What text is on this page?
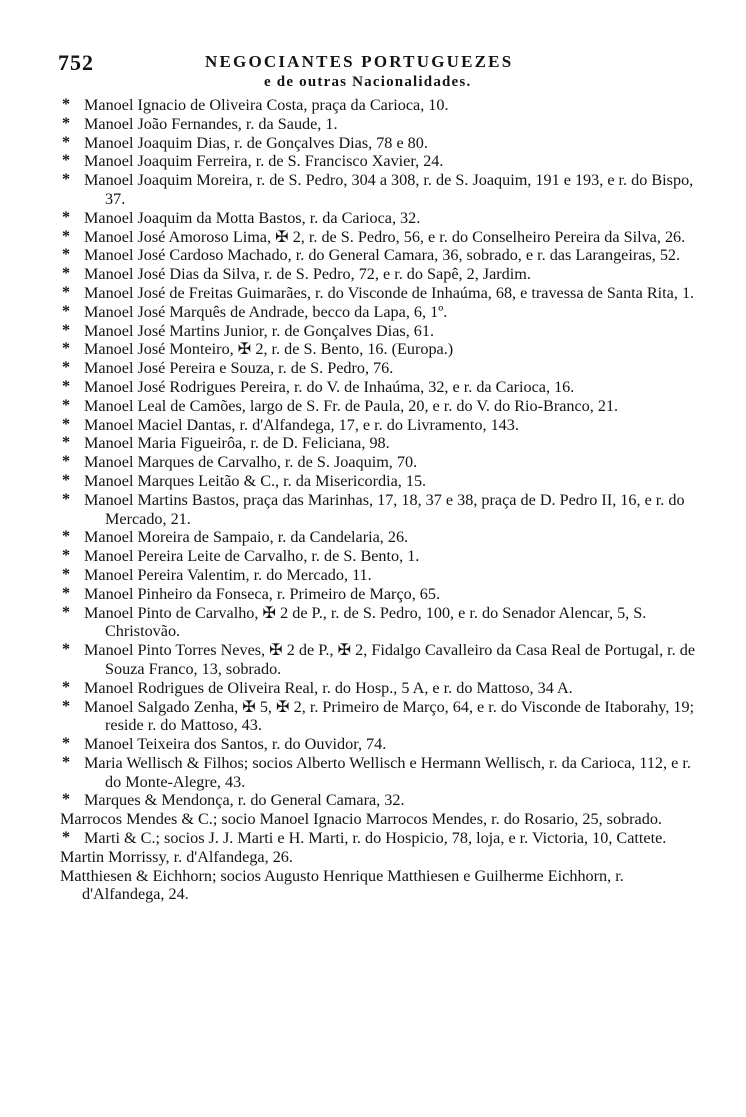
752	NEGOCIANTES PORTUGUEZES
e de outras Nacionalidades.
* Manoel Ignacio de Oliveira Costa, praça da Carioca, 10.
* Manoel João Fernandes, r. da Saude, 1.
* Manoel Joaquim Dias, r. de Gonçalves Dias, 78 e 80.
* Manoel Joaquim Ferreira, r. de S. Francisco Xavier, 24.
* Manoel Joaquim Moreira, r. de S. Pedro, 304 a 308, r. de S. Joaquim, 191 e 193, e r. do Bispo, 37.
* Manoel Joaquim da Motta Bastos, r. da Carioca, 32.
* Manoel José Amoroso Lima, ✠ 2, r. de S. Pedro, 56, e r. do Conselheiro Pereira da Silva, 26.
* Manoel José Cardoso Machado, r. do General Camara, 36, sobrado, e r. das Larangeiras, 52.
* Manoel José Dias da Silva, r. de S. Pedro, 72, e r. do Sapê, 2, Jardim.
* Manoel José de Freitas Guimarães, r. do Visconde de Inhaúma, 68, e travessa de Santa Rita, 1.
* Manoel José Marquês de Andrade, becco da Lapa, 6, 1º.
* Manoel José Martins Junior, r. de Gonçalves Dias, 61.
* Manoel José Monteiro, ✠ 2, r. de S. Bento, 16. (Europa.)
* Manoel José Pereira e Souza, r. de S. Pedro, 76.
* Manoel José Rodrigues Pereira, r. do V. de Inhaúma, 32, e r. da Carioca, 16.
* Manoel Leal de Camões, largo de S. Fr. de Paula, 20, e r. do V. do Rio-Branco, 21.
* Manoel Maciel Dantas, r. d'Alfandega, 17, e r. do Livramento, 143.
* Manoel Maria Figueirôa, r. de D. Feliciana, 98.
* Manoel Marques de Carvalho, r. de S. Joaquim, 70.
* Manoel Marques Leitão & C., r. da Misericordia, 15.
* Manoel Martins Bastos, praça das Marinhas, 17, 18, 37 e 38, praça de D. Pedro II, 16, e r. do Mercado, 21.
* Manoel Moreira de Sampaio, r. da Candelaria, 26.
* Manoel Pereira Leite de Carvalho, r. de S. Bento, 1.
* Manoel Pereira Valentim, r. do Mercado, 11.
* Manoel Pinheiro da Fonseca, r. Primeiro de Março, 65.
* Manoel Pinto de Carvalho, ✠ 2 de P., r. de S. Pedro, 100, e r. do Senador Alencar, 5, S. Christovão.
* Manoel Pinto Torres Neves, ✠ 2 de P., ✠ 2, Fidalgo Cavalleiro da Casa Real de Portugal, r. de Souza Franco, 13, sobrado.
* Manoel Rodrigues de Oliveira Real, r. do Hosp., 5 A, e r. do Mattoso, 34 A.
* Manoel Salgado Zenha, ✠ 5, ✠ 2, r. Primeiro de Março, 64, e r. do Visconde de Itaborahy, 19; reside r. do Mattoso, 43.
* Manoel Teixeira dos Santos, r. do Ouvidor, 74.
* Maria Wellisch & Filhos; socios Alberto Wellisch e Hermann Wellisch, r. da Carioca, 112, e r. do Monte-Alegre, 43.
* Marques & Mendonça, r. do General Camara, 32.
Marrocos Mendes & C.; socio Manoel Ignacio Marrocos Mendes, r. do Rosario, 25, sobrado.
* Marti & C.; socios J. J. Marti e H. Marti, r. do Hospicio, 78, loja, e r. Victoria, 10, Cattete.
Martin Morrissy, r. d'Alfandega, 26.
Matthiesen & Eichhorn; socios Augusto Henrique Matthiesen e Guilherme Eichhorn, r. d'Alfandega, 24.
